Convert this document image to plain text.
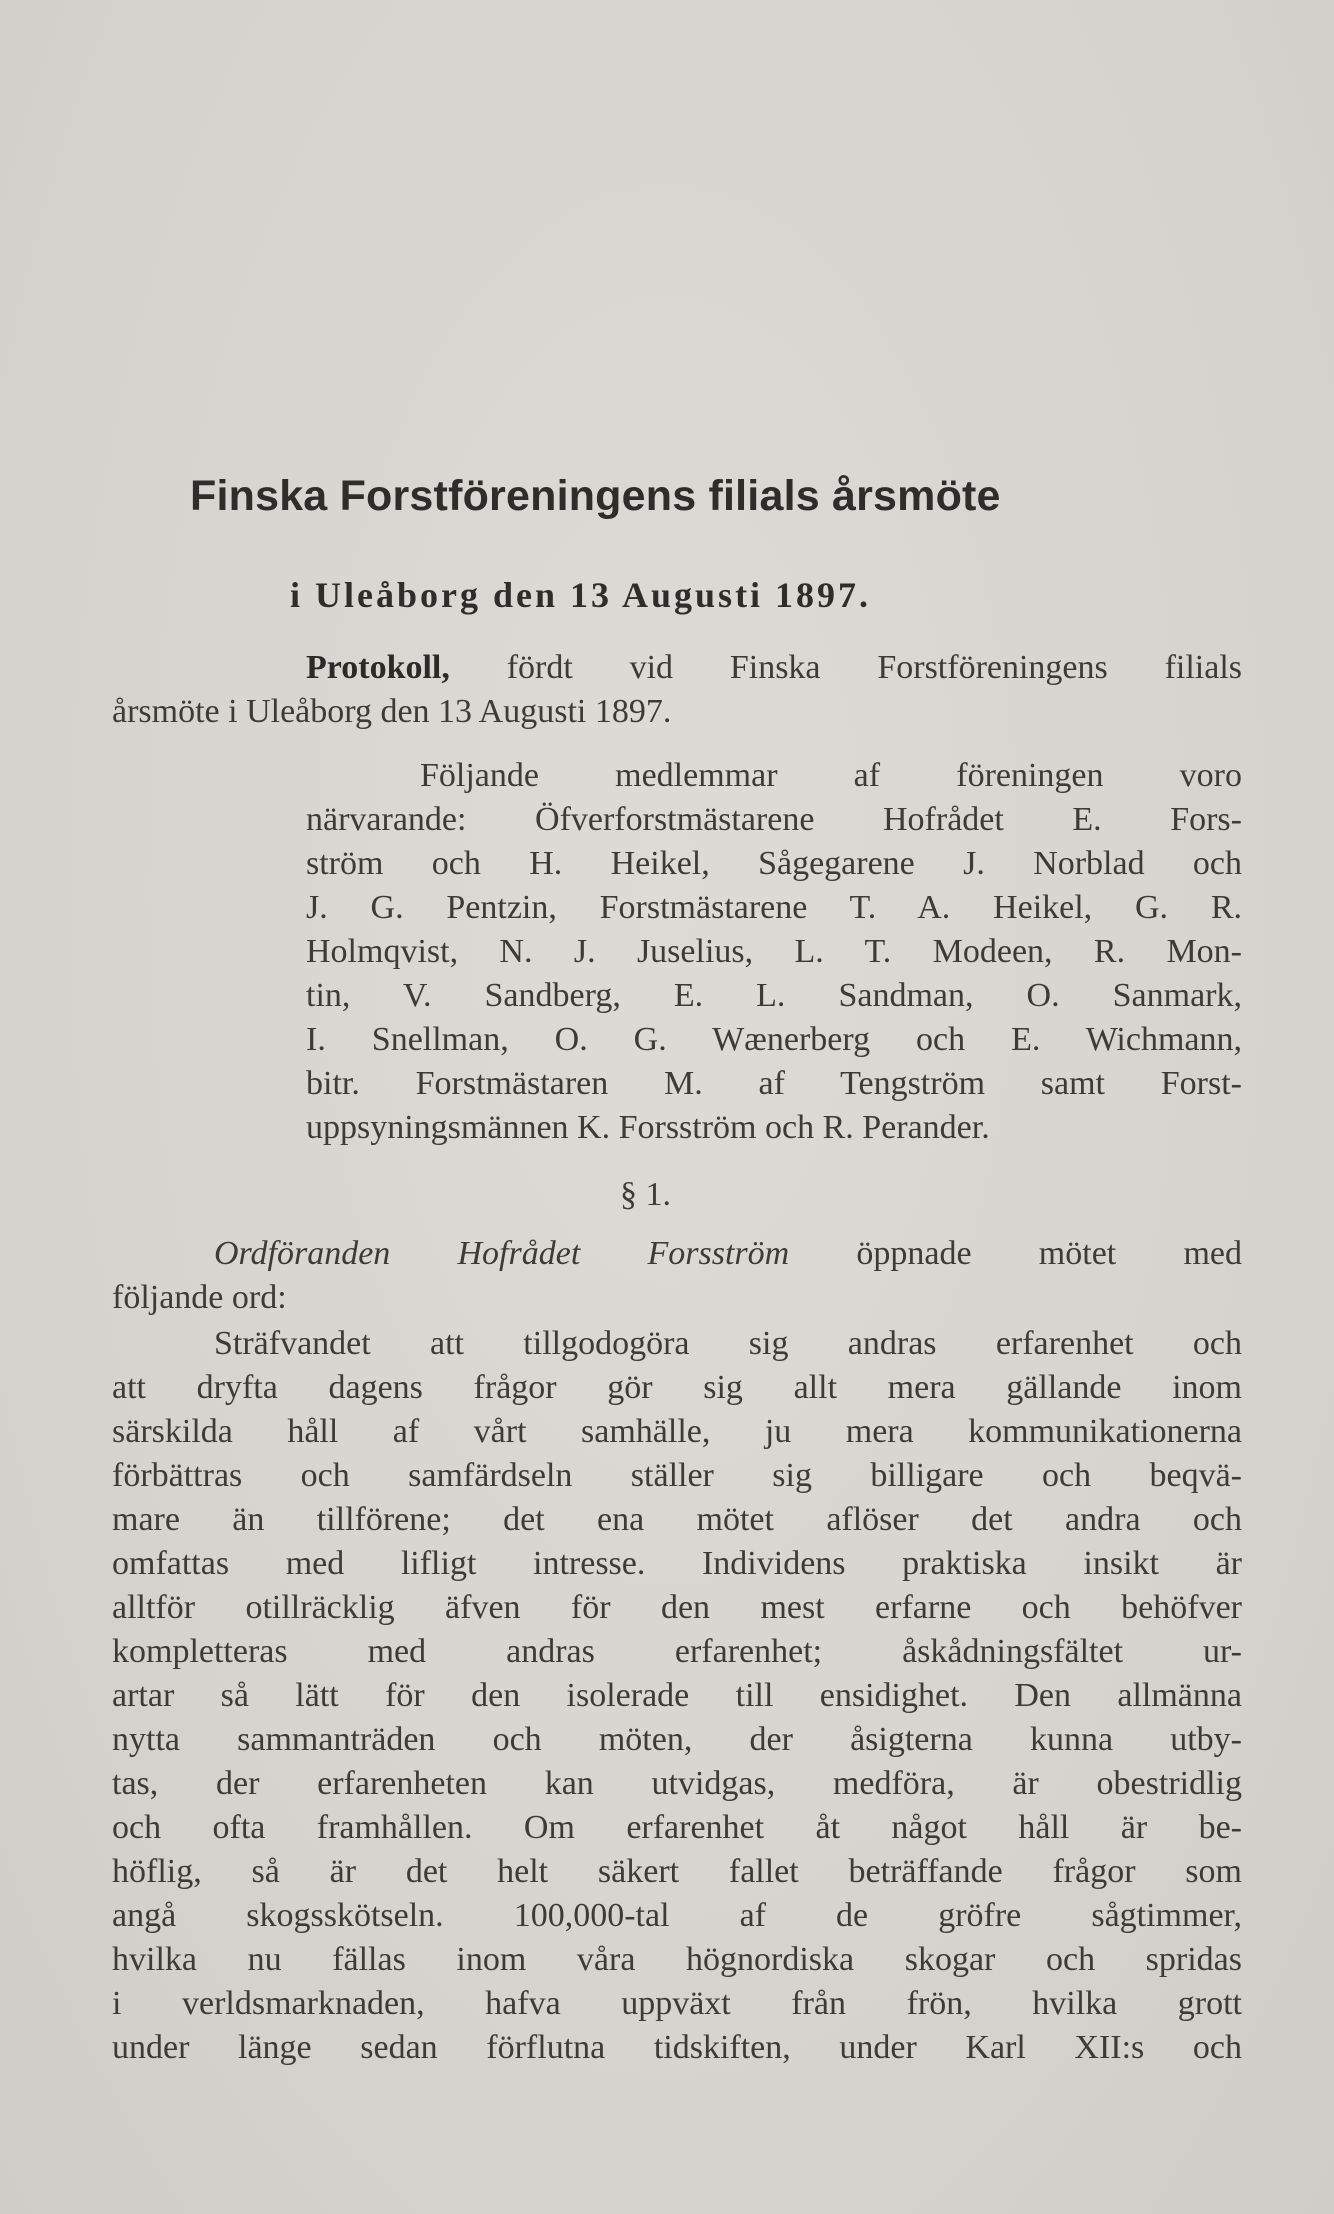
Finska Forstföreningens filials årsmöte
i Uleåborg den 13 Augusti 1897.
Protokoll, fördt vid Finska Forstföreningens filials
årsmöte i Uleåborg den 13 Augusti 1897.
Följande medlemmar af föreningen voro
närvarande: Öfverforstmästarene Hofrådet E. Fors-
ström och H. Heikel, Sågegarene J. Norblad och
J. G. Pentzin, Forstmästarene T. A. Heikel, G. R.
Holmqvist, N. J. Juselius, L. T. Modeen, R. Mon-
tin, V. Sandberg, E. L. Sandman, O. Sanmark,
I. Snellman, O. G. Wænerberg och E. Wichmann,
bitr. Forstmästaren M. af Tengström samt Forst-
uppsyningsmännen K. Forsström och R. Perander.
§ 1.
Ordföranden Hofrådet Forsström öppnade mötet med
följande ord:
Sträfvandet att tillgodogöra sig andras erfarenhet och
att dryfta dagens frågor gör sig allt mera gällande inom
särskilda håll af vårt samhälle, ju mera kommunikationerna
förbättras och samfärdseln ställer sig billigare och beqvä-
mare än tillförene; det ena mötet aflöser det andra och
omfattas med lifligt intresse. Individens praktiska insikt är
alltför otillräcklig äfven för den mest erfarne och behöfver
kompletteras med andras erfarenhet; åskådningsfältet ur-
artar så lätt för den isolerade till ensidighet. Den allmänna
nytta sammanträden och möten, der åsigterna kunna utby-
tas, der erfarenheten kan utvidgas, medföra, är obestridlig
och ofta framhållen. Om erfarenhet åt något håll är be-
höflig, så är det helt säkert fallet beträffande frågor som
angå skogsskötseln. 100,000-tal af de gröfre sågtimmer,
hvilka nu fällas inom våra högnordiska skogar och spridas
i verldsmarknaden, hafva uppväxt från frön, hvilka grott
under länge sedan förflutna tidskiften, under Karl XII:s och
